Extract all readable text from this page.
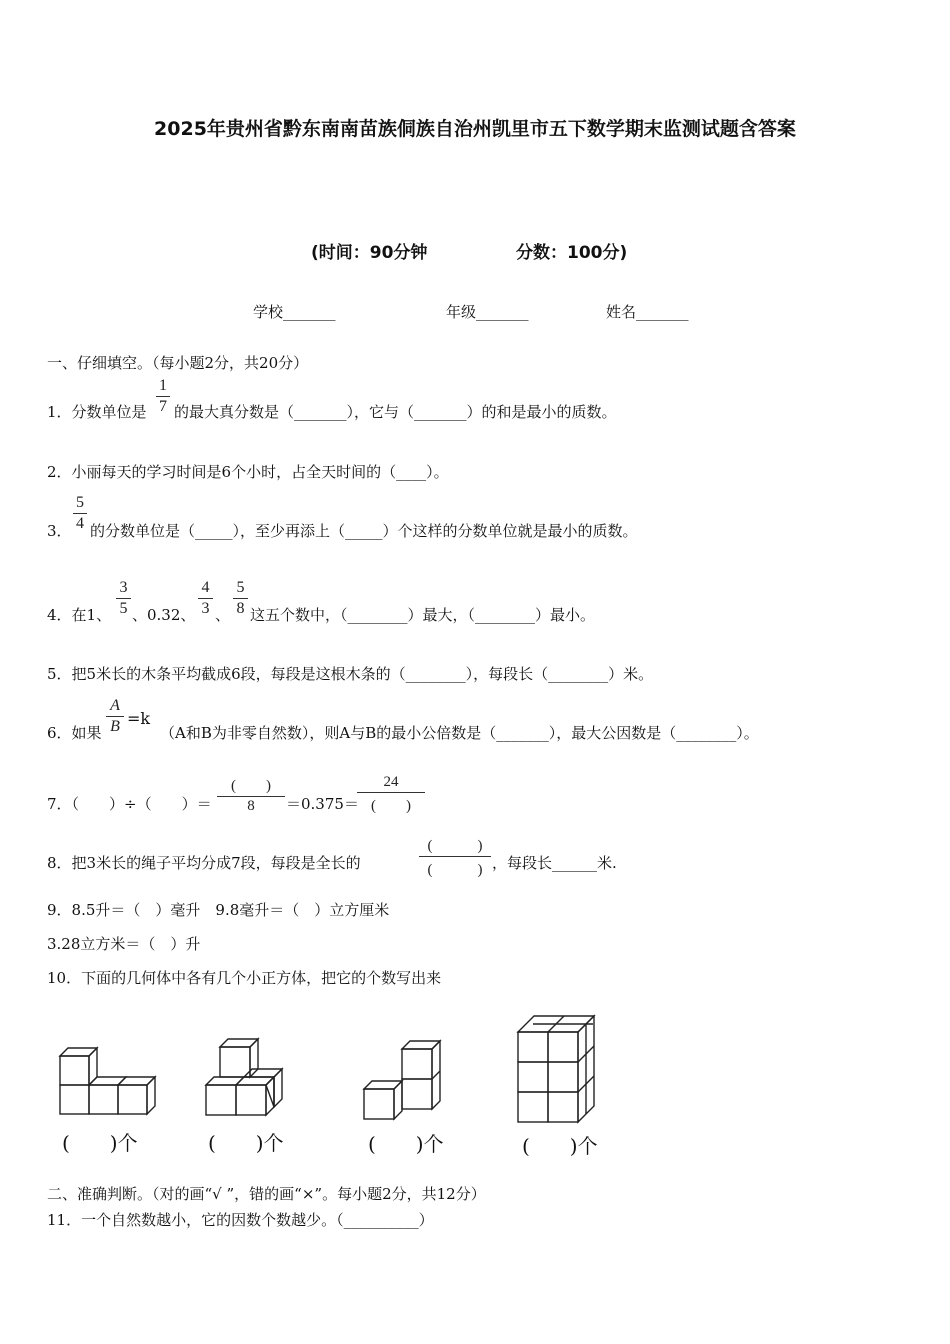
2025年贵州省黔东南南苗族侗族自治州凯里市五下数学期末监测试题含答案
(时间：90分钟	分数：100分)
学校_______	年级_______	姓名_______
一、仔细填空。（每小题2分，共20分）
1．分数单位是
1
7 的最大真分数是（_______），它与（_______）的和是最小的质数。
2．小丽每天的学习时间是6个小时，占全天时间的（____）。
3．
5
4 的分数单位是（_____），至少再添上（_____）个这样的分数单位就是最小的质数。
4．在1、
3
5 、0.32、
4
3 、
5
8 这五个数中，（________）最大，（________）最小。
5．把5米长的木条平均截成6段，每段是这根木条的（________），每段长（________）米。
6．如果
A
B =k
（A和B为非零自然数），则A与B的最小公倍数是（_______），最大公因数是（________）。
7．（　　）÷（　　）＝
(　　)
8	＝0.375＝
24
(　　)
8．把3米长的绳子平均分成7段，每段是全长的
(　　　)
(　　　) ，每段长______米.
9．8.5升＝（　）毫升　9.8毫升＝（　）立方厘米
3.28立方米＝（　）升
10．下面的几何体中各有几个小正方体，把它的个数写出来
(　　)个	(　　)个	(　　)个	(　　)个
二、准确判断。（对的画“√ ”，错的画“×”。每小题2分，共12分）
11．一个自然数越小，它的因数个数越少。（__________）
